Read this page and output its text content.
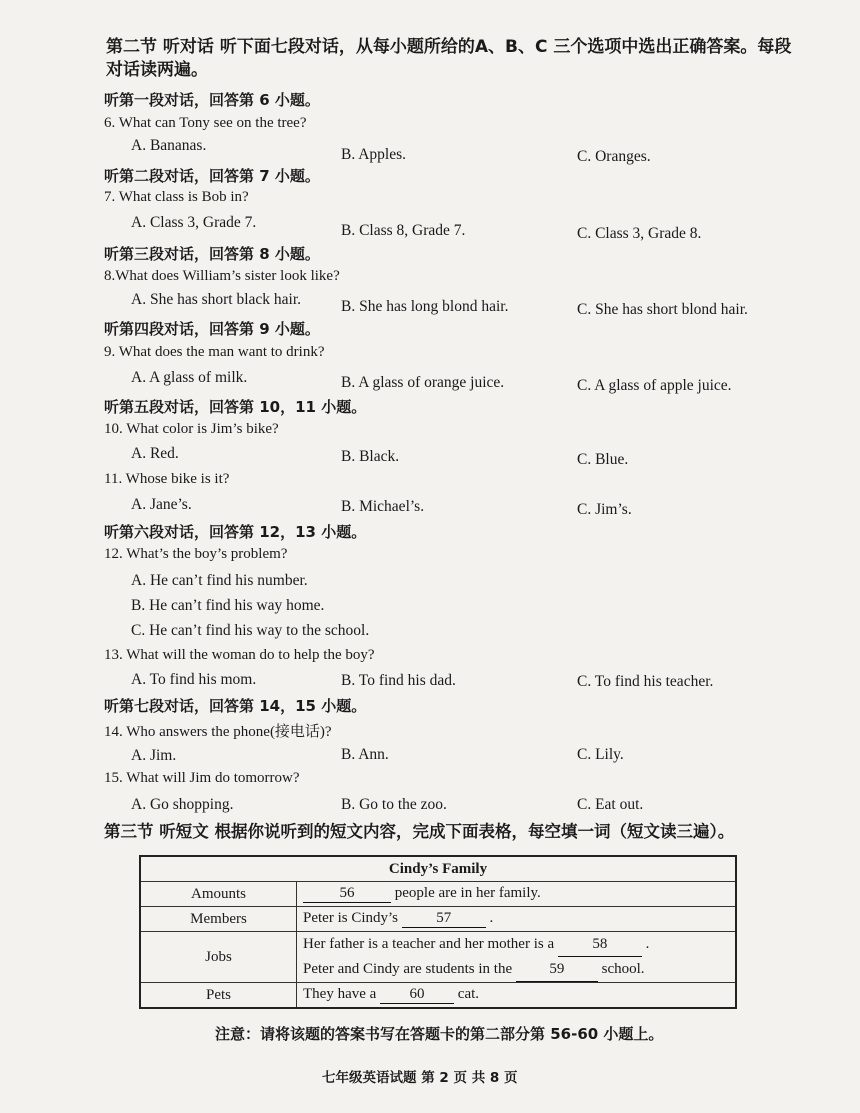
第二节 听对话 听下面七段对话，从每小题所给的A、B、C 三个选项中选出正确答案。每段对话读两遍。
听第一段对话，回答第 6 小题。
6. What can Tony see on the tree?
A. Bananas.
B. Apples.	C. Oranges.
听第二段对话，回答第 7 小题。
7. What class is Bob in?
A. Class 3, Grade 7.	B. Class 8, Grade 7.	C. Class 3, Grade 8.
听第三段对话，回答第 8 小题。
8.What does William’s sister look like?
A. She has short black hair.	B. She has long blond hair.	C. She has short blond hair.
听第四段对话，回答第 9 小题。
9. What does the man want to drink?
A. A glass of milk.	B. A glass of orange juice.	C. A glass of apple juice.
听第五段对话，回答第 10，11 小题。
10. What color is Jim’s bike?
A. Red.	B. Black.	C. Blue.
11. Whose bike is it?
A. Jane’s.	B. Michael’s.	C. Jim’s.
听第六段对话，回答第 12，13 小题。
12. What’s the boy’s problem?
A. He can’t find his number.
B. He can’t find his way home.
C. He can’t find his way to the school.
13. What will the woman do to help the boy?
A. To find his mom.	B. To find his dad.	C. To find his teacher.
听第七段对话，回答第 14，15 小题。
14. Who answers the phone(接电话)?
A. Jim.	B. Ann.	C. Lily.
15. What will Jim do tomorrow?
A. Go shopping.	B. Go to the zoo.	C. Eat out.
第三节 听短文 根据你说听到的短文内容，完成下面表格，每空填一词（短文读三遍）。
Cindy’s Family	
Amounts	56 people are in her family.
Members	Peter is Cindy’s 57 .
Jobs	Her father is a teacher and her mother is a 58 .
Peter and Cindy are students in the 59 school.
Pets	They have a 60 cat.
注意：请将该题的答案书写在答题卡的第二部分第 56-60 小题上。
七年级英语试题 第 2 页 共 8 页
